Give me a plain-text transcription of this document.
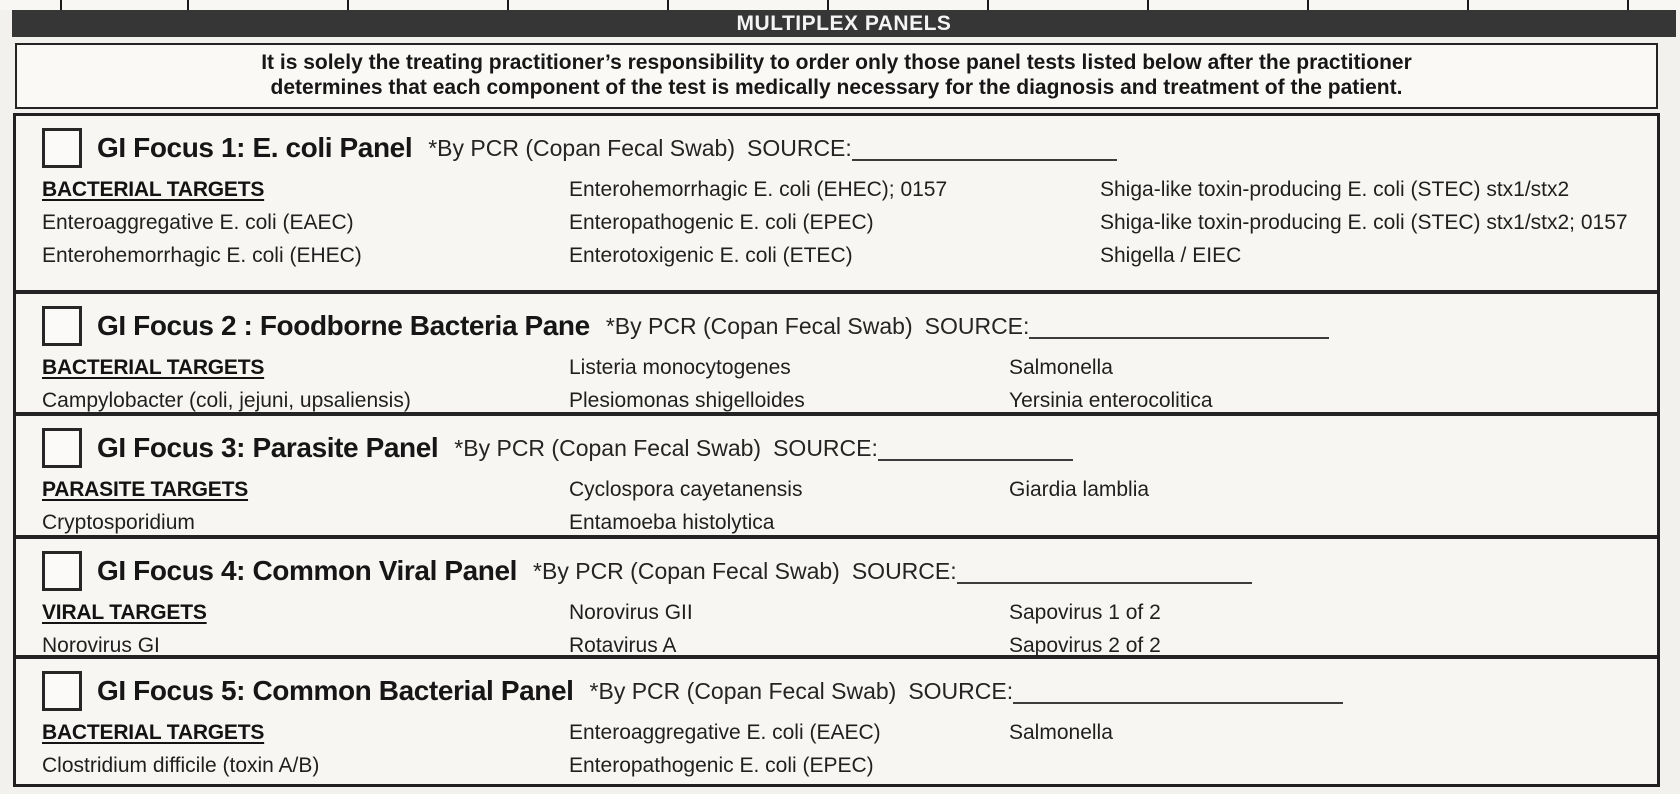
MULTIPLEX PANELS
It is solely the treating practitioner’s responsibility to order only those panel tests listed below after the practitioner
determines that each component of the test is medically necessary for the diagnosis and treatment of the patient.
GI Focus 1: E. coli Panel *By PCR (Copan Fecal Swab) SOURCE:
BACTERIAL TARGETS	Enterohemorrhagic E. coli (EHEC); 0157	Shiga-like toxin-producing E. coli (STEC) stx1/stx2
Enteroaggregative E. coli (EAEC)	Enteropathogenic E. coli (EPEC)	Shiga-like toxin-producing E. coli (STEC) stx1/stx2; 0157
Enterohemorrhagic E. coli (EHEC)	Enterotoxigenic E. coli (ETEC)	Shigella / EIEC
GI Focus 2 : Foodborne Bacteria Pane *By PCR (Copan Fecal Swab) SOURCE:
BACTERIAL TARGETS	Listeria monocytogenes	Salmonella
Campylobacter (coli, jejuni, upsaliensis)	Plesiomonas shigelloides	Yersinia enterocolitica
GI Focus 3: Parasite Panel *By PCR (Copan Fecal Swab) SOURCE:
PARASITE TARGETS	Cyclospora cayetanensis	Giardia lamblia
Cryptosporidium	Entamoeba histolytica
GI Focus 4: Common Viral Panel *By PCR (Copan Fecal Swab) SOURCE:
VIRAL TARGETS	Norovirus GII	Sapovirus 1 of 2
Norovirus GI	Rotavirus A	Sapovirus 2 of 2
GI Focus 5: Common Bacterial Panel *By PCR (Copan Fecal Swab) SOURCE:
BACTERIAL TARGETS	Enteroaggregative E. coli (EAEC)	Salmonella
Clostridium difficile (toxin A/B)	Enteropathogenic E. coli (EPEC)
